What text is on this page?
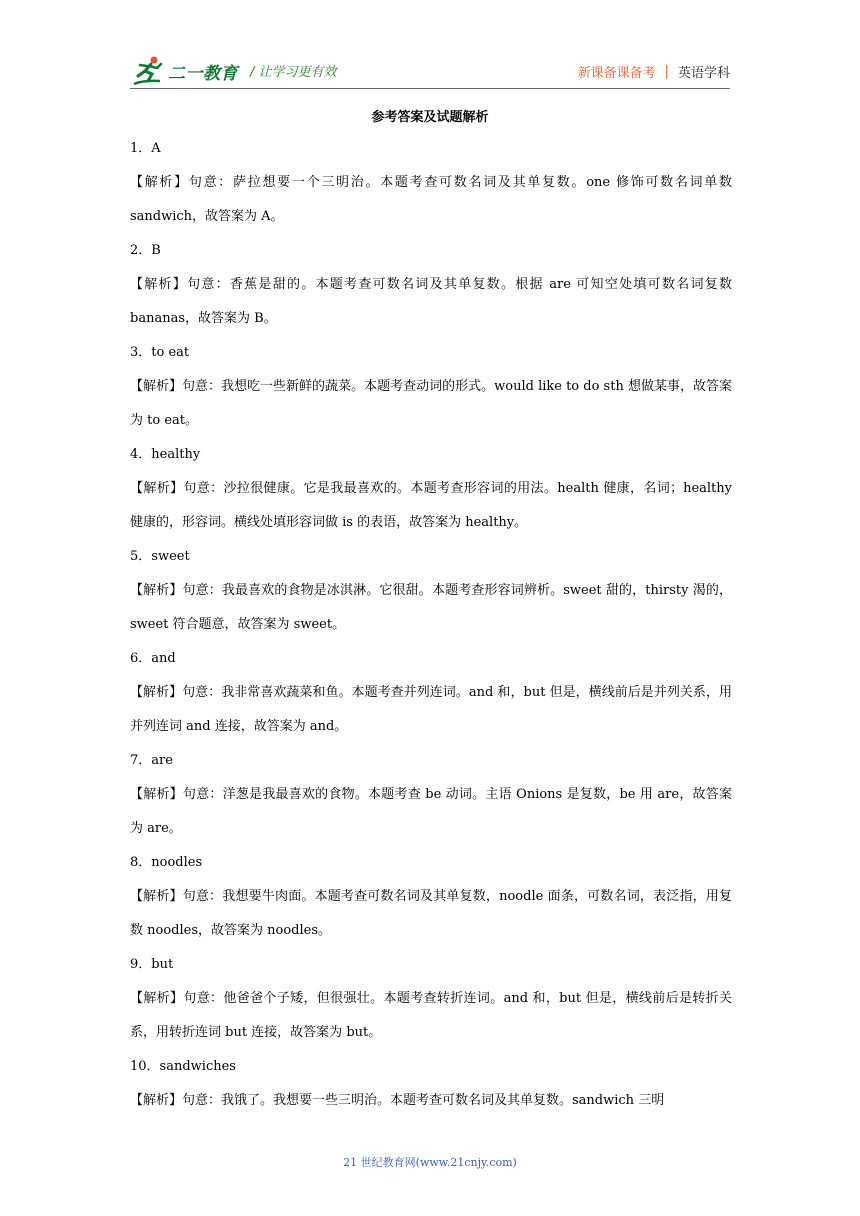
二一教育 / 让学习更有效	新课备课备考 | 英语学科
参考答案及试题解析
1．A
【解析】句意：萨拉想要一个三明治。本题考查可数名词及其单复数。one 修饰可数名词单数 sandwich，故答案为 A。
2．B
【解析】句意：香蕉是甜的。本题考查可数名词及其单复数。根据 are 可知空处填可数名词复数 bananas，故答案为 B。
3．to eat
【解析】句意：我想吃一些新鲜的蔬菜。本题考查动词的形式。would like to do sth 想做某事，故答案为 to eat。
4．healthy
【解析】句意：沙拉很健康。它是我最喜欢的。本题考查形容词的用法。health 健康，名词；healthy 健康的，形容词。横线处填形容词做 is 的表语，故答案为 healthy。
5．sweet
【解析】句意：我最喜欢的食物是冰淇淋。它很甜。本题考查形容词辨析。sweet 甜的，thirsty 渴的，sweet 符合题意，故答案为 sweet。
6．and
【解析】句意：我非常喜欢蔬菜和鱼。本题考查并列连词。and 和，but 但是，横线前后是并列关系，用并列连词 and 连接，故答案为 and。
7．are
【解析】句意：洋葱是我最喜欢的食物。本题考查 be 动词。主语 Onions 是复数，be 用 are，故答案为 are。
8．noodles
【解析】句意：我想要牛肉面。本题考查可数名词及其单复数，noodle 面条，可数名词，表泛指，用复数 noodles，故答案为 noodles。
9．but
【解析】句意：他爸爸个子矮，但很强壮。本题考查转折连词。and 和，but 但是，横线前后是转折关系，用转折连词 but 连接，故答案为 but。
10．sandwiches
【解析】句意：我饿了。我想要一些三明治。本题考查可数名词及其单复数。sandwich 三明
21 世纪教育网(www.21cnjy.com)
